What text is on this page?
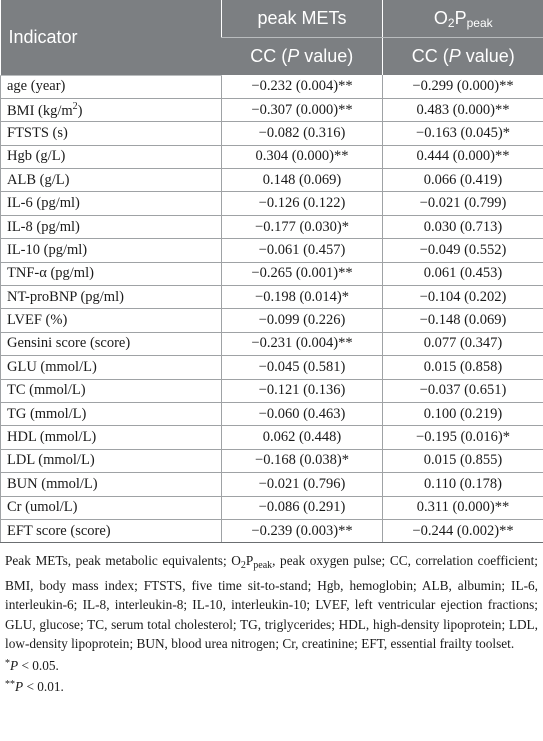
Indicator	peak METs	$O_2P_{peak}$
	CC (P value)	CC (P value)
age (year)	−0.232 (0.004)**	−0.299 (0.000)**
BMI $(kg/m^2)$	−0.307 (0.000)**	0.483 (0.000)**
FTSTS (s)	−0.082 (0.316)	−0.163 (0.045)*
Hgb (g/L)	0.304 (0.000)**	0.444 (0.000)**
ALB (g/L)	0.148 (0.069)	0.066 (0.419)
IL-6 (pg/ml)	−0.126 (0.122)	−0.021 (0.799)
IL-8 (pg/ml)	−0.177 (0.030)*	0.030 (0.713)
IL-10 (pg/ml)	−0.061 (0.457)	−0.049 (0.552)
TNF-α (pg/ml)	−0.265 (0.001)**	0.061 (0.453)
NT-proBNP (pg/ml)	−0.198 (0.014)*	−0.104 (0.202)
LVEF (%)	−0.099 (0.226)	−0.148 (0.069)
Gensini score (score)	−0.231 (0.004)**	0.077 (0.347)
GLU (mmol/L)	−0.045 (0.581)	0.015 (0.858)
TC (mmol/L)	−0.121 (0.136)	−0.037 (0.651)
TG (mmol/L)	−0.060 (0.463)	0.100 (0.219)
HDL (mmol/L)	0.062 (0.448)	−0.195 (0.016)*
LDL (mmol/L)	−0.168 (0.038)*	0.015 (0.855)
BUN (mmol/L)	−0.021 (0.796)	0.110 (0.178)
Cr (umol/L)	−0.086 (0.291)	0.311 (0.000)**
EFT score (score)	−0.239 (0.003)**	−0.244 (0.002)**

Peak METs, peak metabolic equivalents; $O_2P_{peak}$, peak oxygen pulse; CC, correlation coefficient; BMI, body mass index; FTSTS, five time sit-to-stand; Hgb, hemoglobin; ALB, albumin; IL-6, interleukin-6; IL-8, interleukin-8; IL-10, interleukin-10; LVEF, left ventricular ejection fractions; GLU, glucose; TC, serum total cholesterol; TG, triglycerides; HDL, high-density lipoprotein; LDL, low-density lipoprotein; BUN, blood urea nitrogen; Cr, creatinine; EFT, essential frailty toolset.

*P < 0.05.

**P < 0.01.
